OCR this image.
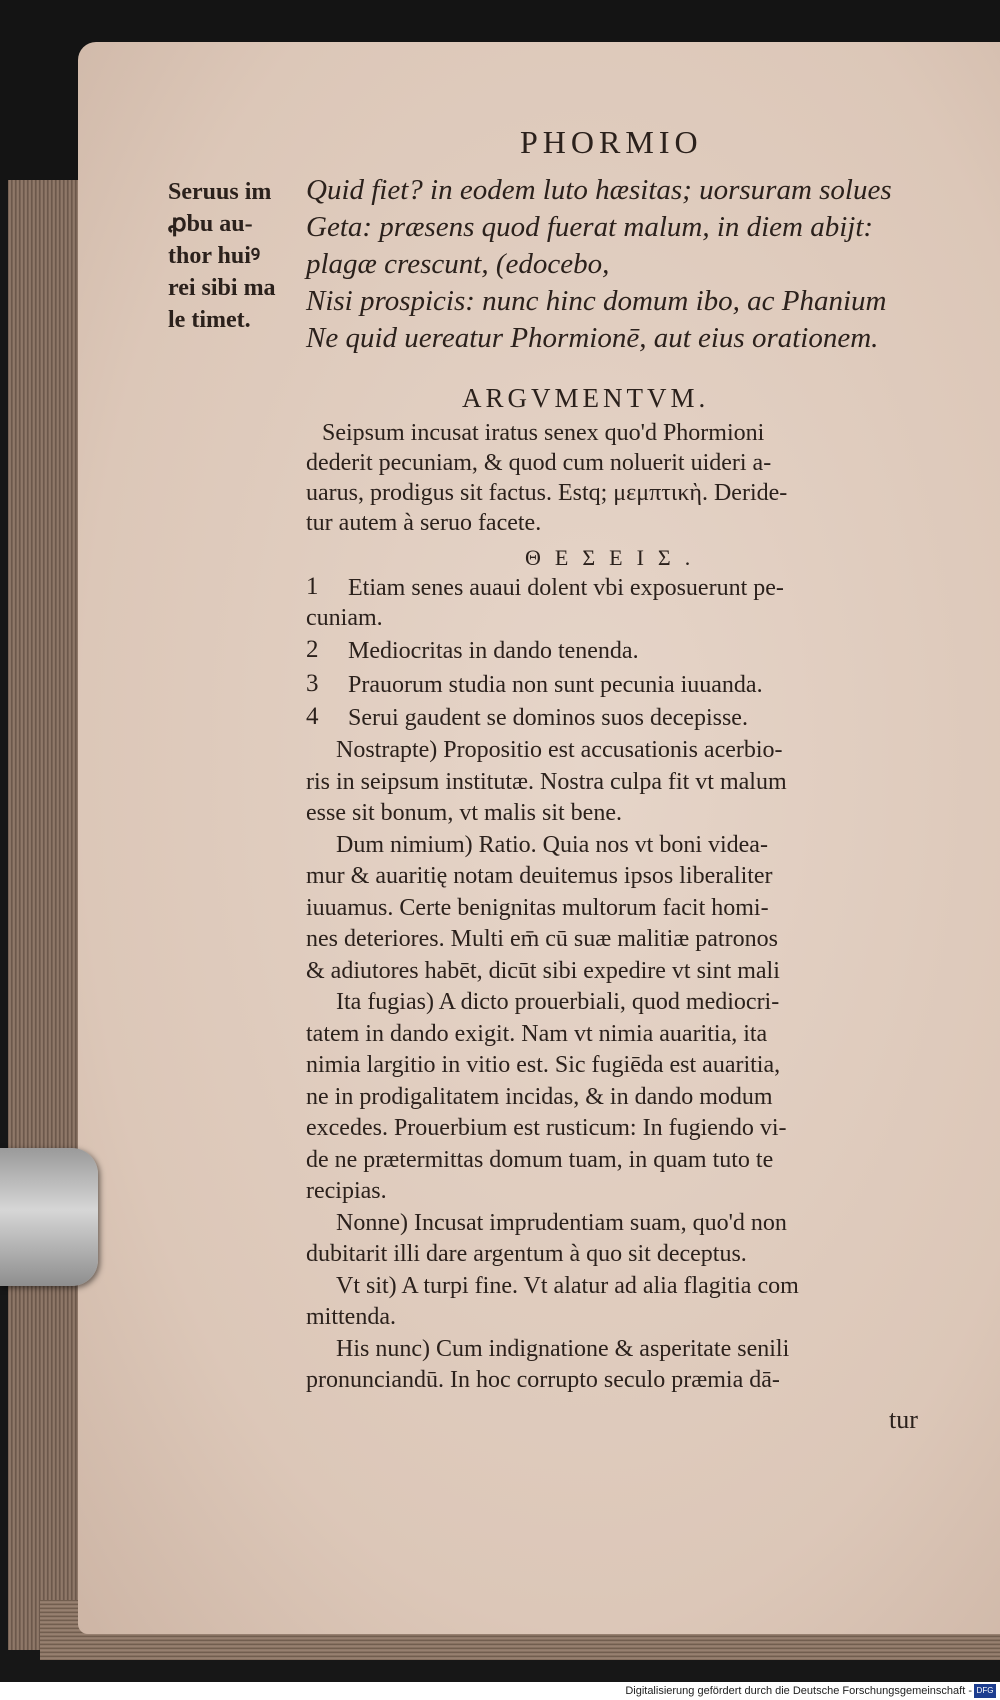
PHORMIO
Seruus im
ꝓbu au-
thor huiꝰ
rei sibi ma
le timet.
Quid fiet? in eodem luto hæsitas; uorsuram solues
Geta: præsens quod fuerat malum, in diem abijt:
plagæ crescunt, (edocebo,
Nisi prospicis: nunc hinc domum ibo, ac Phanium
Ne quid uereatur Phormionē, aut eius orationem.
ARGVMENTVM.
Seipsum incusat iratus senex quo'd Phormioni
dederit pecuniam, & quod cum noluerit uideri a-
uarus, prodigus sit factus. Estq; μεμπτικὴ. Deride-
tur autem à seruo facete.
ΘΕΣΕΙΣ.
1 Etiam senes auaui dolent vbi exposuerunt pe-
cuniam.
2 Mediocritas in dando tenenda.
3 Prauorum studia non sunt pecunia iuuanda.
4 Serui gaudent se dominos suos decepisse.
Nostrapte) Propositio est accusationis acerbio-
ris in seipsum institutæ. Nostra culpa fit vt malum
esse sit bonum, vt malis sit bene.
Dum nimium) Ratio. Quia nos vt boni videa-
mur & auaritię notam deuitemus ipsos liberaliter
iuuamus. Certe benignitas multorum facit homi-
nes deteriores. Multi em̄ cū suæ malitiæ patronos
& adiutores habēt, dicūt sibi expedire vt sint mali
Ita fugias) A dicto prouerbiali, quod mediocri-
tatem in dando exigit. Nam vt nimia auaritia, ita
nimia largitio in vitio est. Sic fugiēda est auaritia,
ne in prodigalitatem incidas, & in dando modum
excedes. Prouerbium est rusticum: In fugiendo vi-
de ne prætermittas domum tuam, in quam tuto te
recipias.
Nonne) Incusat imprudentiam suam, quo'd non
dubitarit illi dare argentum à quo sit deceptus.
Vt sit) A turpi fine. Vt alatur ad alia flagitia com
mittenda.
His nunc) Cum indignatione & asperitate senili
pronunciandū. In hoc corrupto seculo præmia dā-
tur
Digitalisierung gefördert durch die Deutsche Forschungsgemeinschaft - DFG
